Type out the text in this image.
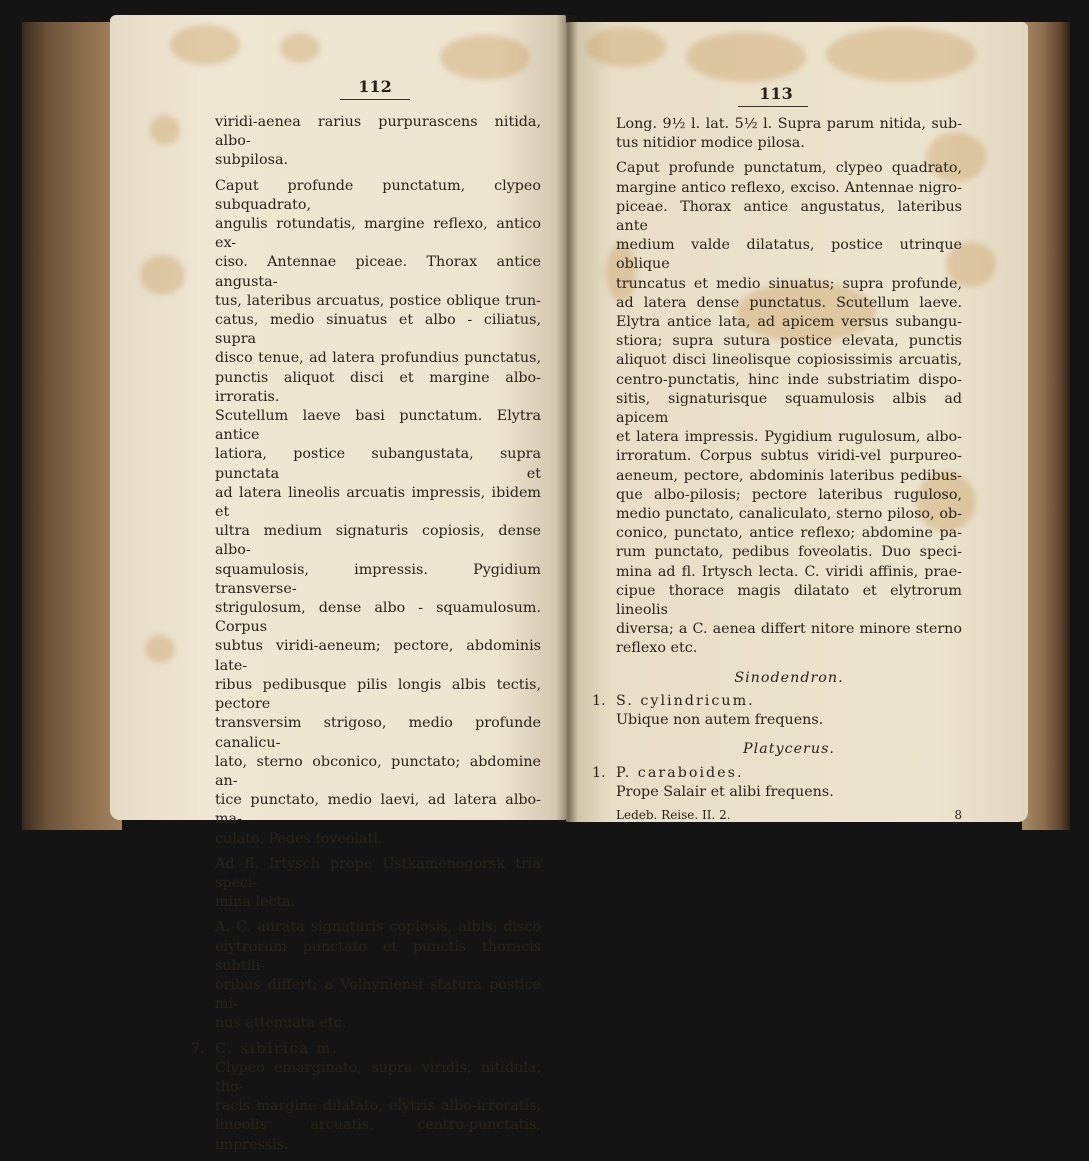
112

viridi-aenea rarius purpurascens nitida, albo-
subpilosa.

Caput profunde punctatum, clypeo subquadrato,
angulis rotundatis, margine reflexo, antico ex-
ciso. Antennae piceae. Thorax antice angusta-
tus, lateribus arcuatus, postice oblique trun-
catus, medio sinuatus et albo - ciliatus, supra
disco tenue, ad latera profundius punctatus,
punctis aliquot disci et margine albo-irroratis.
Scutellum laeve basi punctatum. Elytra antice
latiora, postice subangustata, supra punctata et
ad latera lineolis arcuatis impressis, ibidem et
ultra medium signaturis copiosis, dense albo-
squamulosis, impressis. Pygidium transverse-
strigulosum, dense albo - squamulosum. Corpus
subtus viridi-aeneum; pectore, abdominis late-
ribus pedibusque pilis longis albis tectis, pectore
transversim strigoso, medio profunde canalicu-
lato, sterno obconico, punctato; abdomine an-
tice punctato, medio laevi, ad latera albo-ma-
culato. Pedes foveolati.

Ad fl. Irtysch prope Ustkamenogorsk tria speci-
mina lecta.

A. C. aurata signaturis copiosis, albis, disco
elytrorum punctato et punctis thoracis subtili-
oribus differt; a Volhyniensi statura postice mi-
nus attenuata etc.

7. C. sibirica m.

Clypeo emarginato, supra viridis, nitidula, tho-
racis margine dilatato, elytris albo-irroratis,
lineolis arcuatis, centro-punctatis, impressis.

113

Long. 9½ l. lat. 5½ l. Supra parum nitida, sub-
tus nitidior modice pilosa.

Caput profunde punctatum, clypeo quadrato,
margine antico reflexo, exciso. Antennae nigro-
piceae. Thorax antice angustatus, lateribus ante
medium valde dilatatus, postice utrinque oblique
truncatus et medio sinuatus; supra profunde,
ad latera dense punctatus. Scutellum laeve.
Elytra antice lata, ad apicem versus subangu-
stiora; supra sutura postice elevata, punctis
aliquot disci lineolisque copiosissimis arcuatis,
centro-punctatis, hinc inde substriatim dispo-
sitis, signaturisque squamulosis albis ad apicem
et latera impressis. Pygidium rugulosum, albo-
irroratum. Corpus subtus viridi-vel purpureo-
aeneum, pectore, abdominis lateribus pedibus-
que albo-pilosis; pectore lateribus ruguloso,
medio punctato, canaliculato, sterno piloso, ob-
conico, punctato, antice reflexo; abdomine pa-
rum punctato, pedibus foveolatis. Duo speci-
mina ad fl. Irtysch lecta. C. viridi affinis, prae-
cipue thorace magis dilatato et elytrorum lineolis
diversa; a C. aenea differt nitore minore sterno
reflexo etc.

Sinodendron.

1. S. cylindricum.

Ubique non autem frequens.

Platycerus.

1. P. caraboides.

Prope Salair et alibi frequens.

Ledeb. Reise. II. 2.	8
